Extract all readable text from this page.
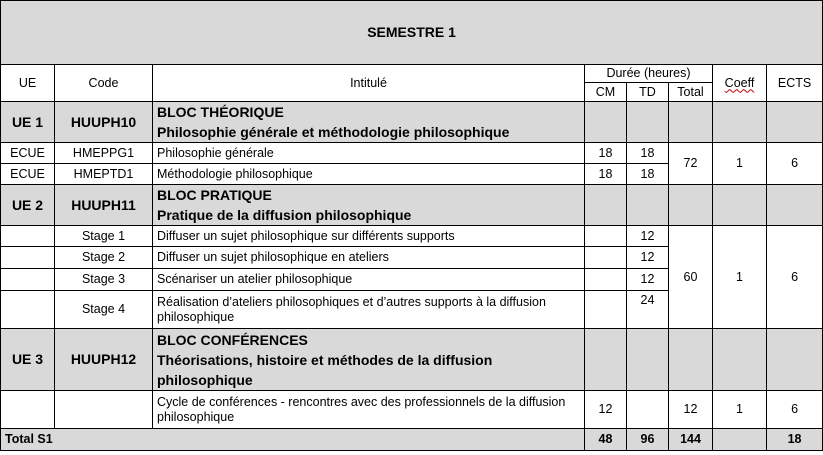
SEMESTRE 1							
UE	Code	Intitulé	Durée (heures)			Coeff	ECTS
			CM	TD	Total		
UE 1	HUUPH10	BLOC THÉORIQUE
Philosophie générale et méthodologie philosophique					

ECUE	HMEPPG1	Philosophie générale	18	18	72	1	6
ECUE	HMEPTD1	Méthodologie philosophique	18	18			
UE 2	HUUPH11	BLOC PRATIQUE
Pratique de la diffusion philosophique					

	Stage 1	Diffuser un sujet philosophique sur différents supports		12	60	1	6
	Stage 2	Diffuser un sujet philosophique en ateliers		12			
	Stage 3	Scénariser un atelier philosophique		12			
	Stage 4	Réalisation d’ateliers philosophiques et d’autres supports à la diffusion philosophique		24			
UE 3	HUUPH12	BLOC CONFÉRENCES
Théorisations, histoire et méthodes de la diffusion philosophique					

		Cycle de conférences - rencontres avec des professionnels de la diffusion philosophique	12		12	1	6
Total S1			48	96	144		18
